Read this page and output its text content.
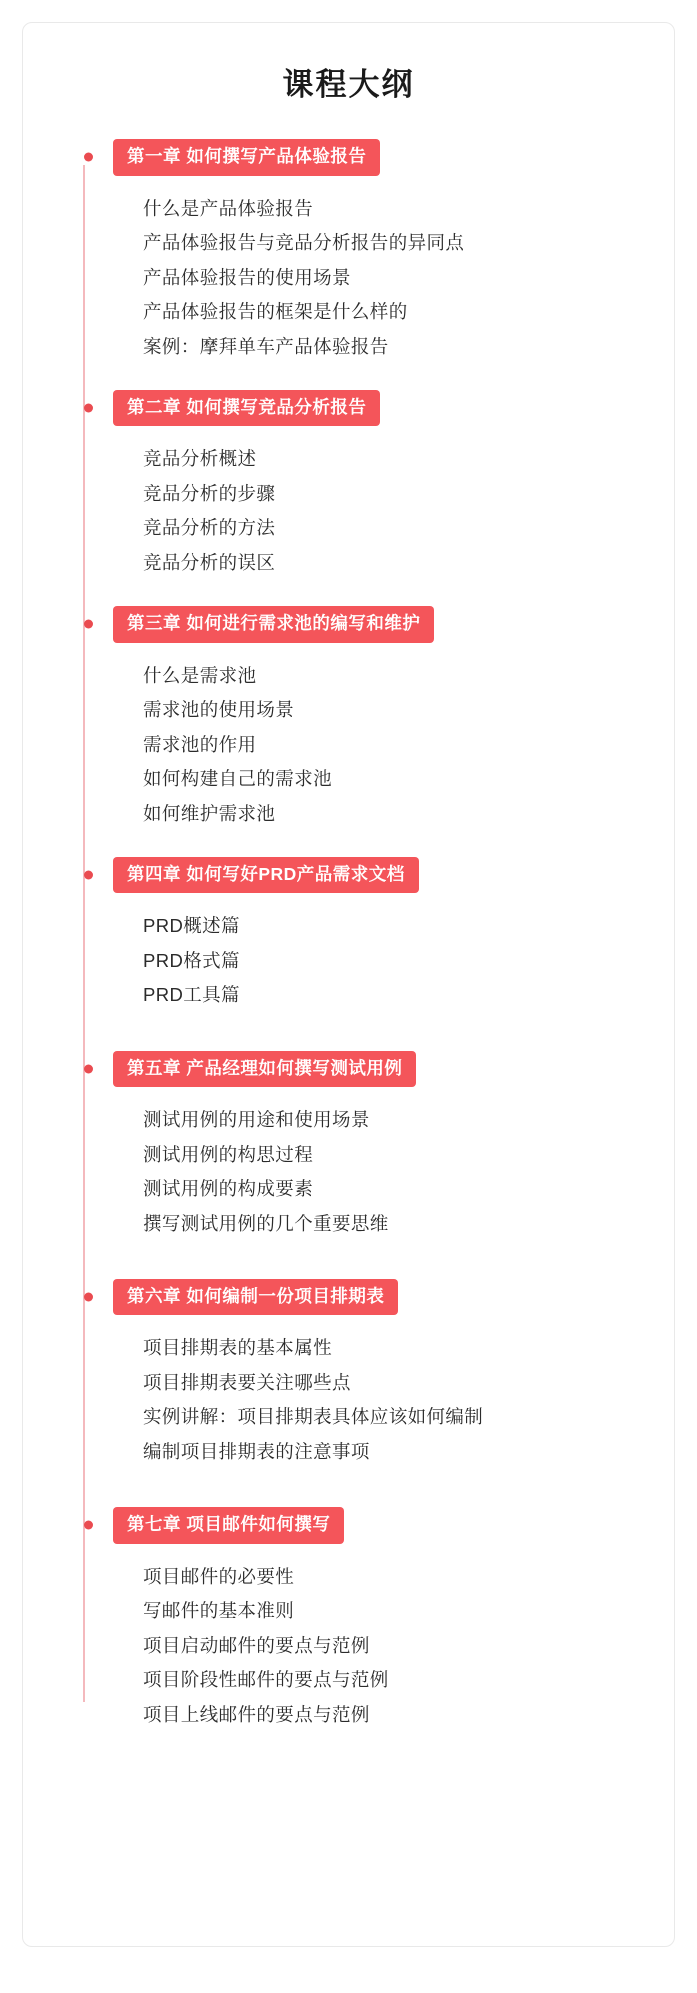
课程大纲
第一章 如何撰写产品体验报告
什么是产品体验报告
产品体验报告与竞品分析报告的异同点
产品体验报告的使用场景
产品体验报告的框架是什么样的
案例：摩拜单车产品体验报告
第二章 如何撰写竞品分析报告
竞品分析概述
竞品分析的步骤
竞品分析的方法
竞品分析的误区
第三章 如何进行需求池的编写和维护
什么是需求池
需求池的使用场景
需求池的作用
如何构建自己的需求池
如何维护需求池
第四章 如何写好PRD产品需求文档
PRD概述篇
PRD格式篇
PRD工具篇
第五章 产品经理如何撰写测试用例
测试用例的用途和使用场景
测试用例的构思过程
测试用例的构成要素
撰写测试用例的几个重要思维
第六章 如何编制一份项目排期表
项目排期表的基本属性
项目排期表要关注哪些点
实例讲解：项目排期表具体应该如何编制
编制项目排期表的注意事项
第七章 项目邮件如何撰写
项目邮件的必要性
写邮件的基本准则
项目启动邮件的要点与范例
项目阶段性邮件的要点与范例
项目上线邮件的要点与范例
